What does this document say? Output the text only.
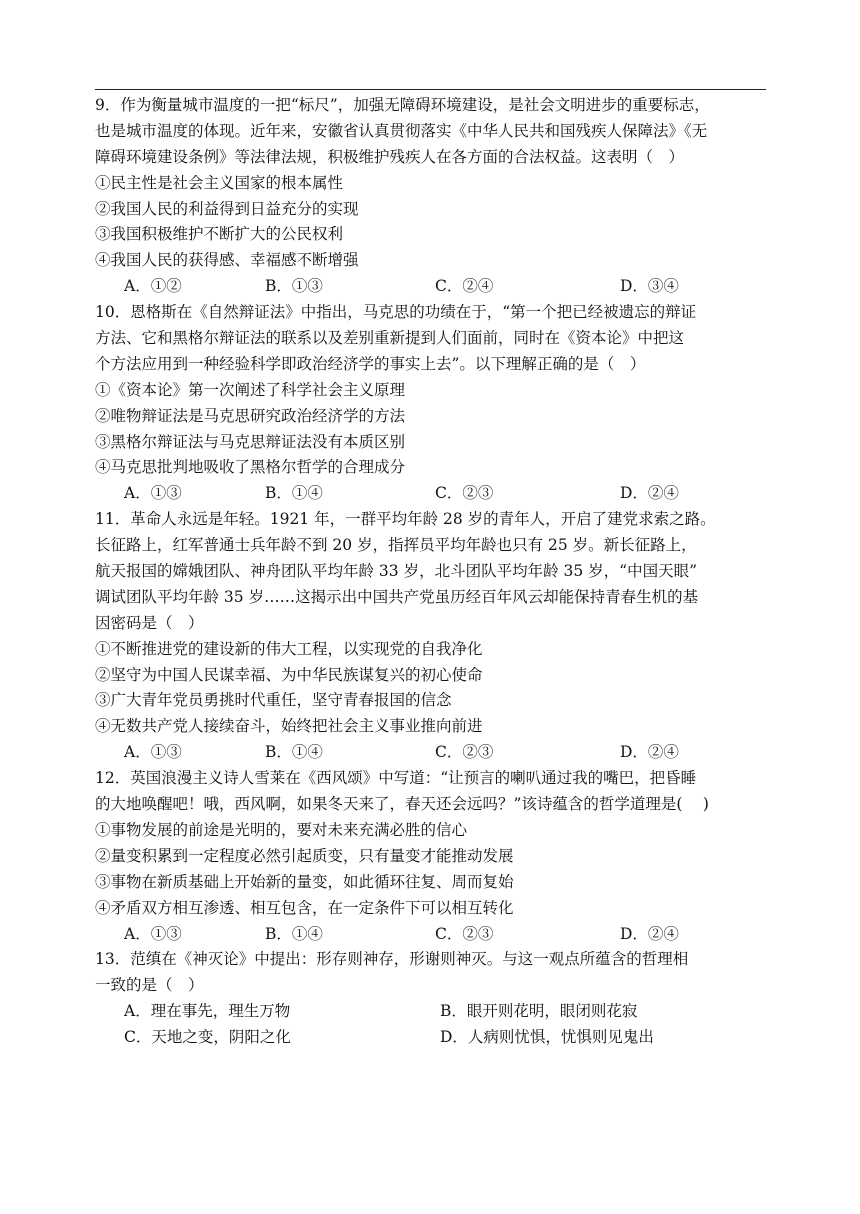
9．作为衡量城市温度的一把“标尺”，加强无障碍环境建设，是社会文明进步的重要标志，
也是城市温度的体现。近年来，安徽省认真贯彻落实《中华人民共和国残疾人保障法》《无
障碍环境建设条例》等法律法规，积极维护残疾人在各方面的合法权益。这表明（　）
①民主性是社会主义国家的根本属性
②我国人民的利益得到日益充分的实现
③我国积极维护不断扩大的公民权利
④我国人民的获得感、幸福感不断增强
A．①②	B．①③	C．②④	D．③④
10．恩格斯在《自然辩证法》中指出，马克思的功绩在于，“第一个把已经被遗忘的辩证
方法、它和黑格尔辩证法的联系以及差别重新提到人们面前，同时在《资本论》中把这
个方法应用到一种经验科学即政治经济学的事实上去”。以下理解正确的是（　）
①《资本论》第一次阐述了科学社会主义原理
②唯物辩证法是马克思研究政治经济学的方法
③黑格尔辩证法与马克思辩证法没有本质区别
④马克思批判地吸收了黑格尔哲学的合理成分
A．①③	B．①④	C．②③	D．②④
11．革命人永远是年轻。1921 年，一群平均年龄 28 岁的青年人，开启了建党求索之路。
长征路上，红军普通士兵年龄不到 20 岁，指挥员平均年龄也只有 25 岁。新长征路上，
航天报国的嫦娥团队、神舟团队平均年龄 33 岁，北斗团队平均年龄 35 岁，“中国天眼”
调试团队平均年龄 35 岁……这揭示出中国共产党虽历经百年风云却能保持青春生机的基
因密码是（　）
①不断推进党的建设新的伟大工程，以实现党的自我净化
②坚守为中国人民谋幸福、为中华民族谋复兴的初心使命
③广大青年党员勇挑时代重任，坚守青春报国的信念
④无数共产党人接续奋斗，始终把社会主义事业推向前进
A．①③	B．①④	C．②③	D．②④
12．英国浪漫主义诗人雪莱在《西风颂》中写道：“让预言的喇叭通过我的嘴巴，把昏睡
的大地唤醒吧！哦，西风啊，如果冬天来了，春天还会远吗？”该诗蕴含的哲学道理是(　 )
①事物发展的前途是光明的，要对未来充满必胜的信心
②量变积累到一定程度必然引起质变，只有量变才能推动发展
③事物在新质基础上开始新的量变，如此循环往复、周而复始
④矛盾双方相互渗透、相互包含，在一定条件下可以相互转化
A．①③	B．①④	C．②③	D．②④
13．范缜在《神灭论》中提出：形存则神存，形谢则神灭。与这一观点所蕴含的哲理相
一致的是（　）
A．理在事先，理生万物	B．眼开则花明，眼闭则花寂
C．天地之变，阴阳之化	D．人病则忧惧，忧惧则见鬼出
